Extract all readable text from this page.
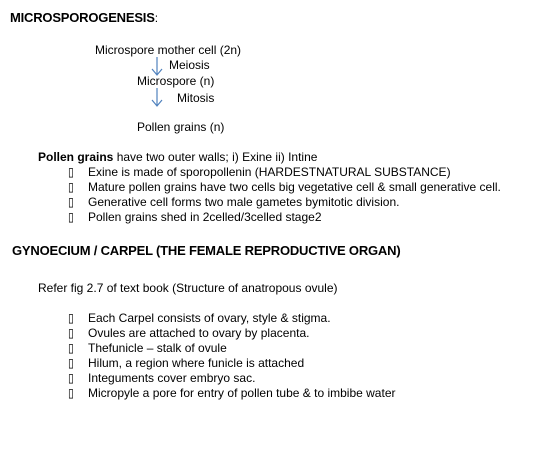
MICROSPOROGENESIS:
Microspore mother cell (2n)
Meiosis
Microspore (n)
Mitosis
Pollen grains (n)
Pollen grains have two outer walls; i) Exine ii) Intine
▯ Exine is made of sporopollenin (HARDESTNATURAL SUBSTANCE)
▯ Mature pollen grains have two cells big vegetative cell & small generative cell.
▯ Generative cell forms two male gametes bymitotic division.
▯ Pollen grains shed in 2celled/3celled stage2
GYNOECIUM / CARPEL (THE FEMALE REPRODUCTIVE ORGAN)
Refer fig 2.7 of text book (Structure of anatropous ovule)
▯ Each Carpel consists of ovary, style & stigma.
▯ Ovules are attached to ovary by placenta.
▯ Thefunicle – stalk of ovule
▯ Hilum, a region where funicle is attached
▯ Integuments cover embryo sac.
▯ Micropyle a pore for entry of pollen tube & to imbibe water
